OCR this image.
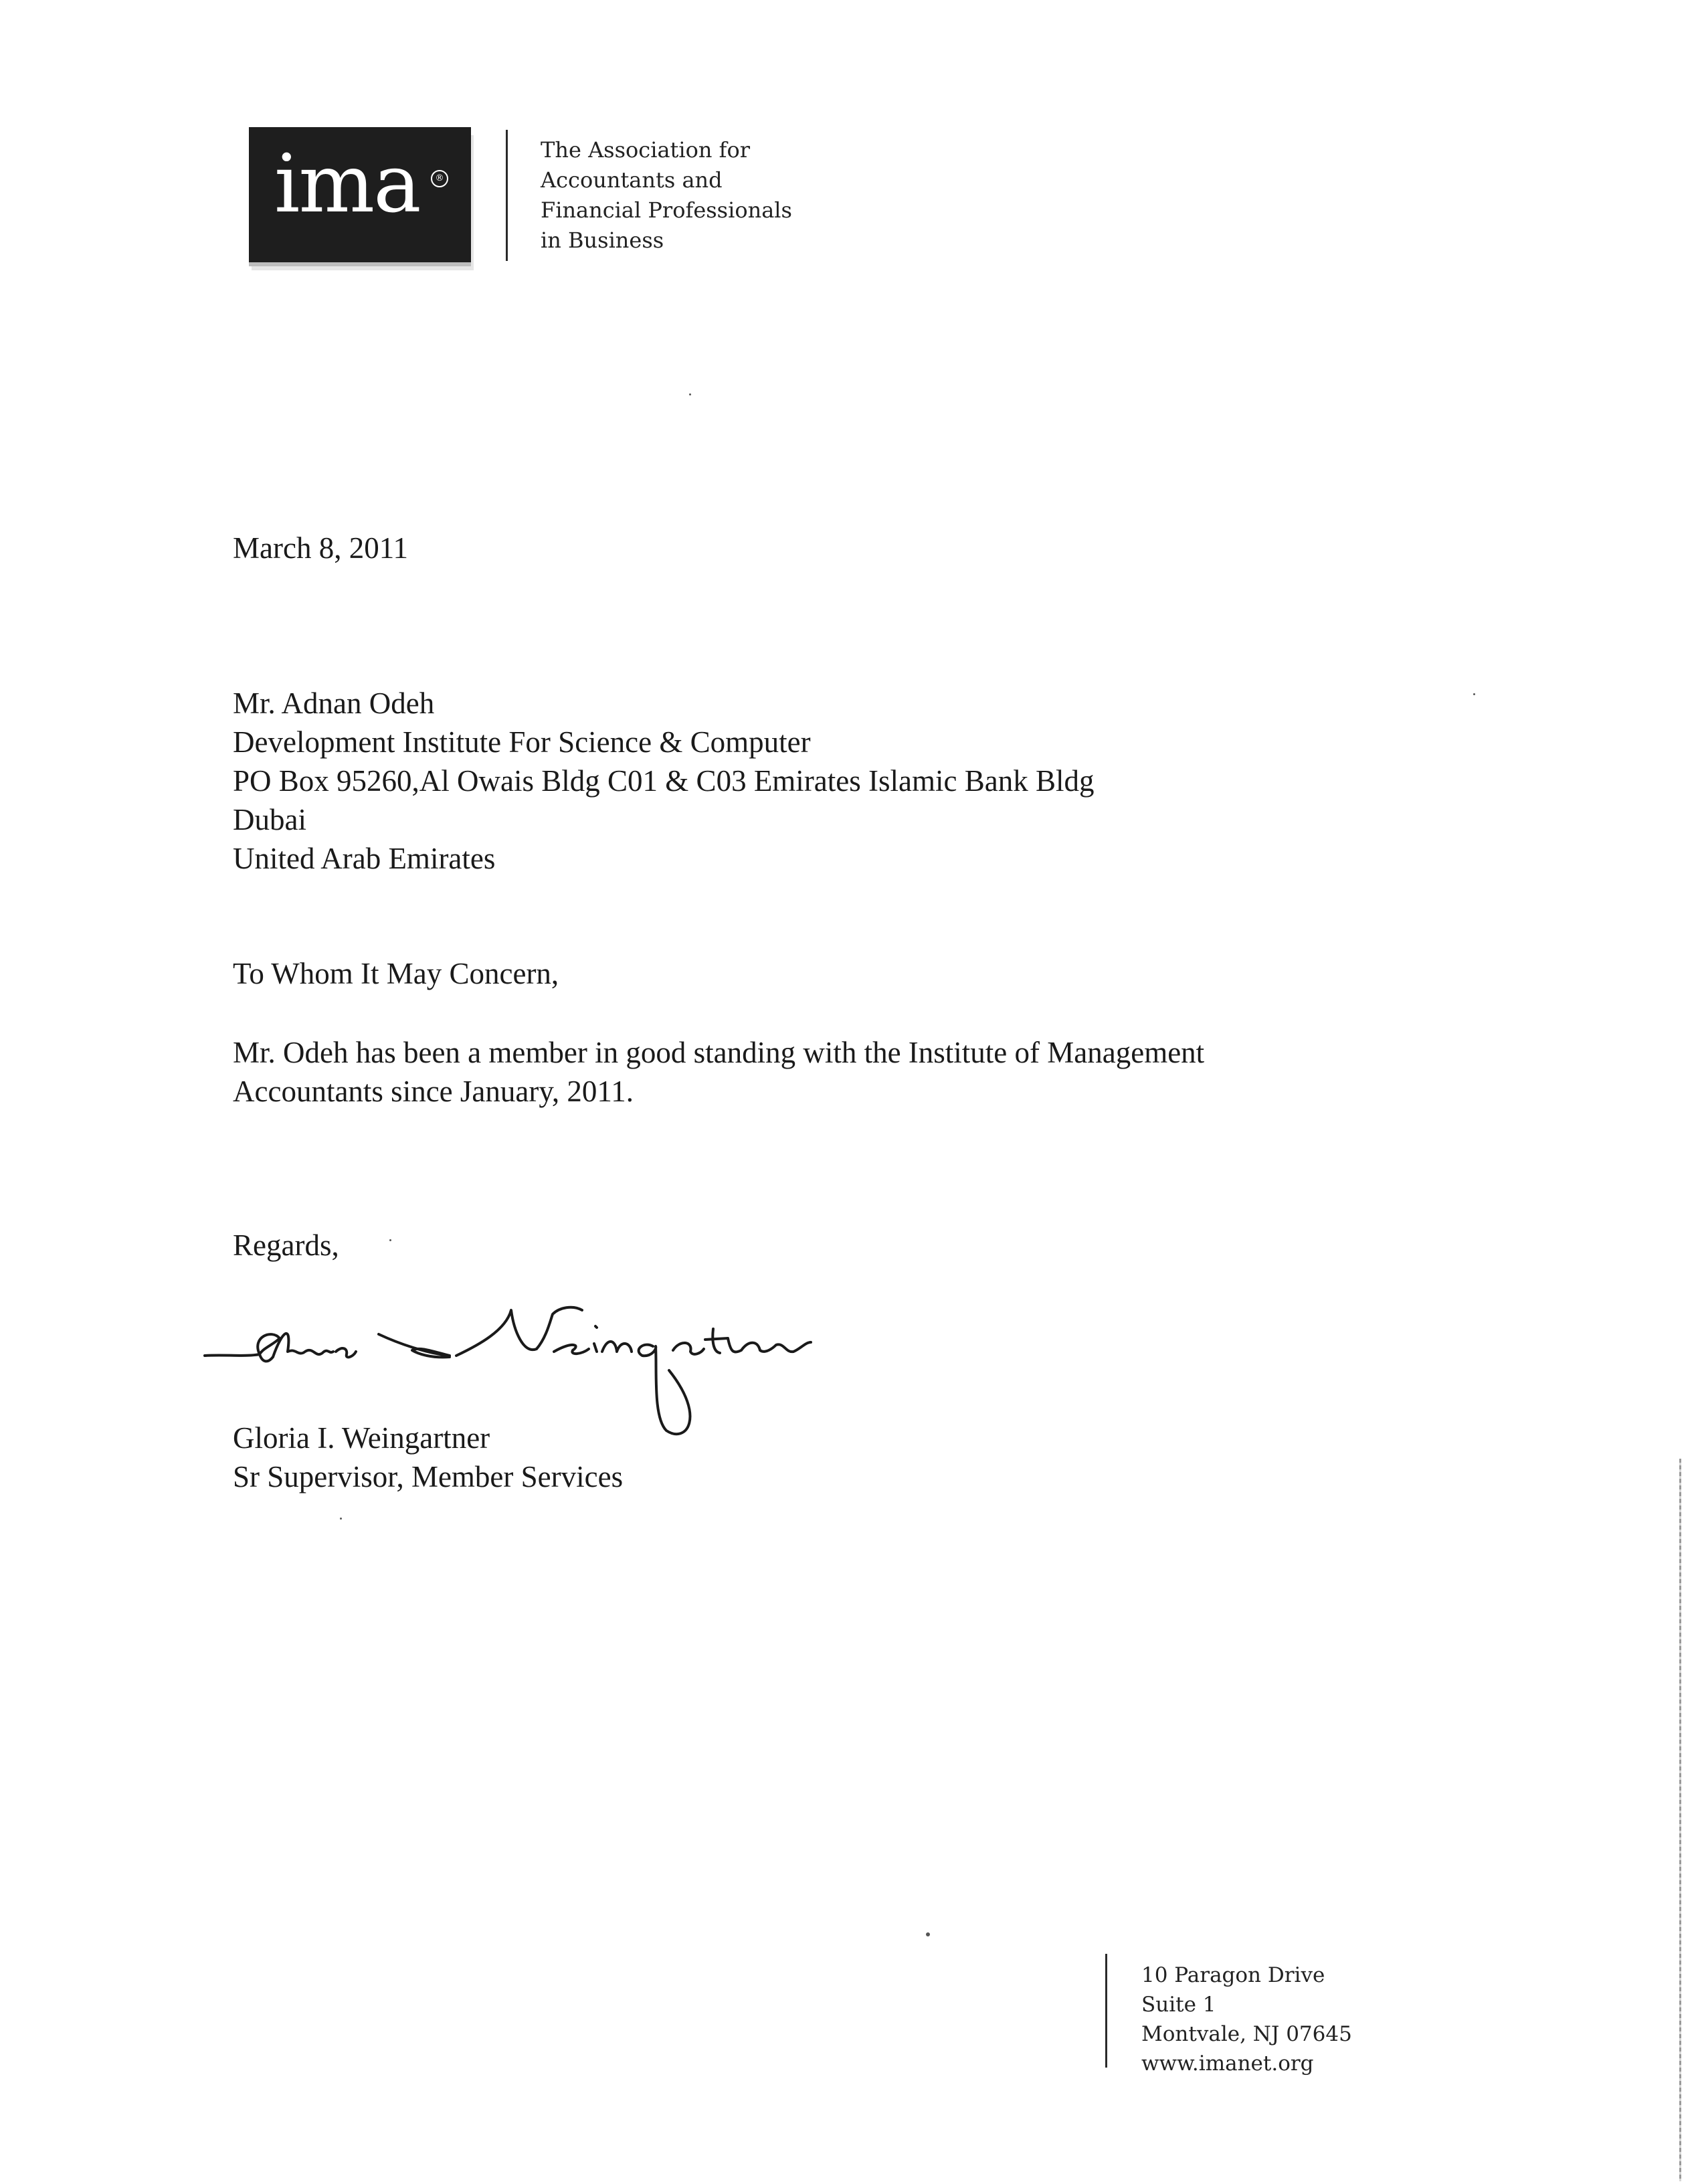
ima	®
The Association for
Accountants and
Financial Professionals
in Business
March 8, 2011
Mr. Adnan Odeh
Development Institute For Science & Computer
PO Box 95260,Al Owais Bldg C01 & C03 Emirates Islamic Bank Bldg
Dubai
United Arab Emirates
To Whom It May Concern,
Mr. Odeh has been a member in good standing with the Institute of Management
Accountants since January, 2011.
Regards,
Gloria I. Weingartner
Sr Supervisor, Member Services
10 Paragon Drive
Suite 1
Montvale, NJ 07645
www.imanet.org
